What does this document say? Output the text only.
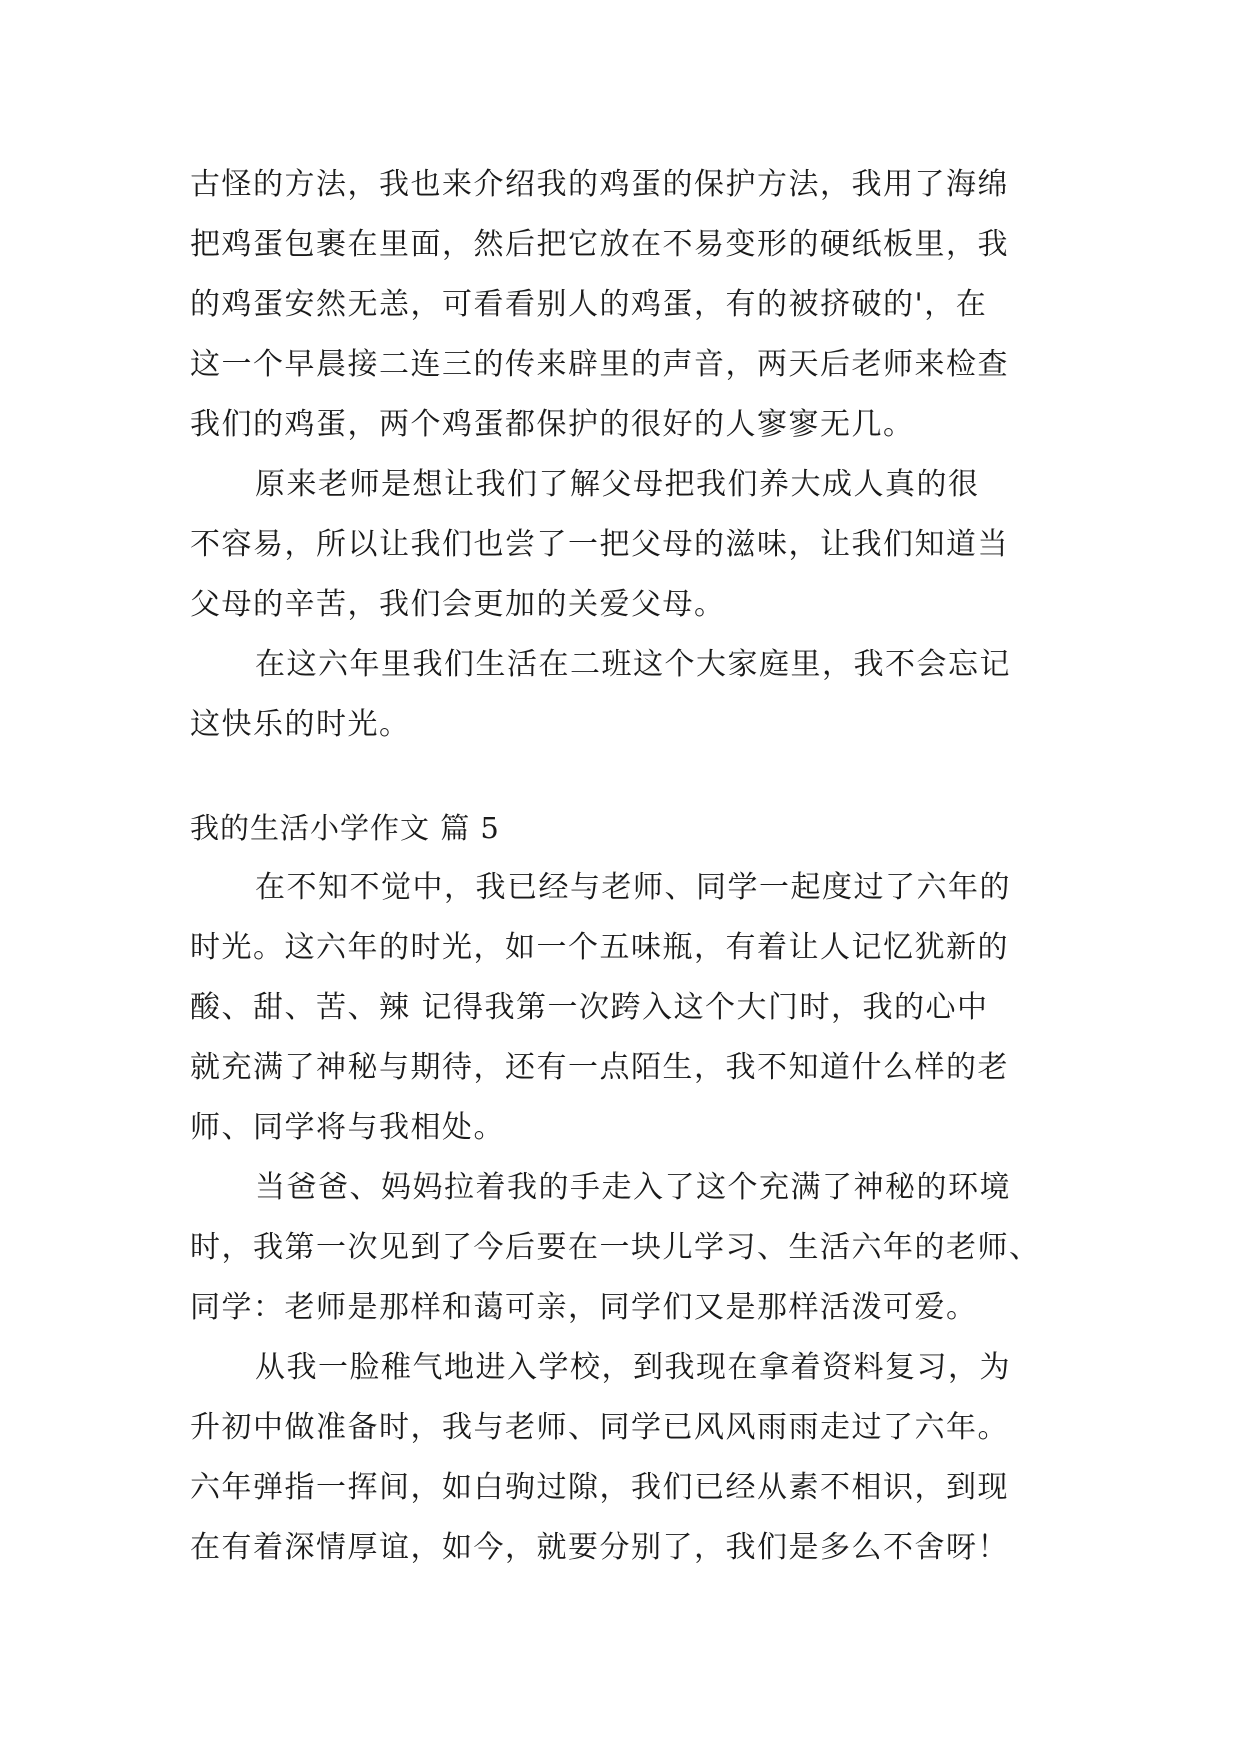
古怪的方法，我也来介绍我的鸡蛋的保护方法，我用了海绵
把鸡蛋包裹在里面，然后把它放在不易变形的硬纸板里，我
的鸡蛋安然无恙，可看看别人的鸡蛋，有的被挤破的'，在
这一个早晨接二连三的传来辟里的声音，两天后老师来检查
我们的鸡蛋，两个鸡蛋都保护的很好的人寥寥无几。
原来老师是想让我们了解父母把我们养大成人真的很
不容易，所以让我们也尝了一把父母的滋味，让我们知道当
父母的辛苦，我们会更加的关爱父母。
在这六年里我们生活在二班这个大家庭里，我不会忘记
这快乐的时光。
我的生活小学作文 篇 5
在不知不觉中，我已经与老师、同学一起度过了六年的
时光。这六年的时光，如一个五味瓶，有着让人记忆犹新的
酸、甜、苦、辣 记得我第一次跨入这个大门时，我的心中
就充满了神秘与期待，还有一点陌生，我不知道什么样的老
师、同学将与我相处。
当爸爸、妈妈拉着我的手走入了这个充满了神秘的环境
时，我第一次见到了今后要在一块儿学习、生活六年的老师、
同学：老师是那样和蔼可亲，同学们又是那样活泼可爱。
从我一脸稚气地进入学校，到我现在拿着资料复习，为
升初中做准备时，我与老师、同学已风风雨雨走过了六年。
六年弹指一挥间，如白驹过隙，我们已经从素不相识，到现
在有着深情厚谊，如今，就要分别了，我们是多么不舍呀！
